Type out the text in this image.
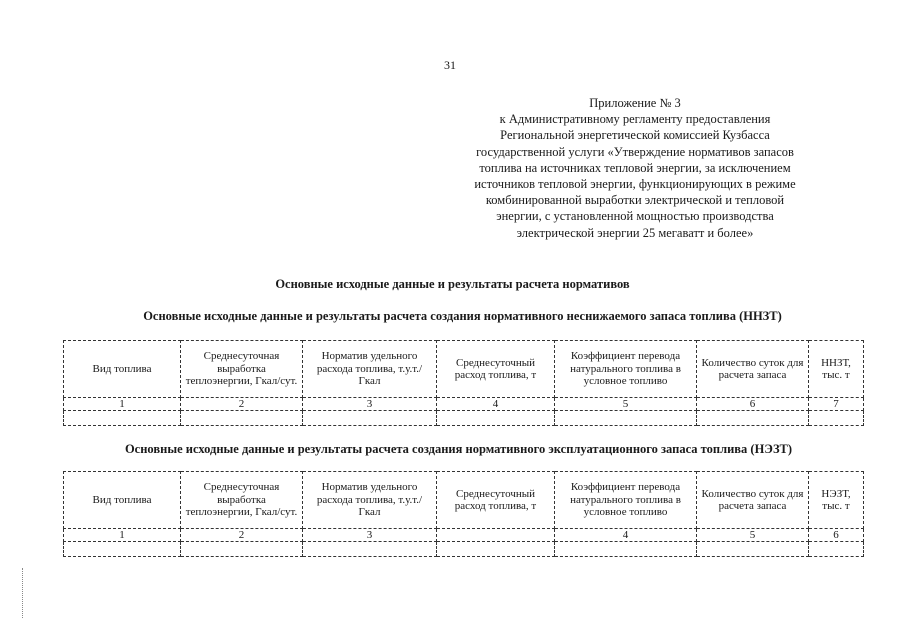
31
Приложение № 3
к Административному регламенту предоставления
Региональной энергетической комиссией Кузбасса
государственной услуги «Утверждение нормативов запасов
топлива на источниках тепловой энергии, за исключением
источников тепловой энергии, функционирующих в режиме
комбинированной выработки электрической и тепловой
энергии, с установленной мощностью производства
электрической энергии 25 мегаватт и более»
Основные исходные данные и результаты расчета нормативов
Основные исходные данные и результаты расчета создания нормативного неснижаемого запаса топлива (ННЗТ)
Вид топлива	Среднесуточная выработка теплоэнергии, Гкал/сут.	Норматив удельного расхода топлива, т.у.т./Гкал	Среднесуточный расход топлива, т	Коэффициент перевода натурального топлива в условное топливо	Количество суток для расчета запаса	ННЗТ, тыс. т
1	2	3	4	5	6	7

Основные исходные данные и результаты расчета создания нормативного эксплуатационного запаса топлива (НЭЗТ)
Вид топлива	Среднесуточная выработка теплоэнергии, Гкал/сут.	Норматив удельного расхода топлива, т.у.т./Гкал	Среднесуточный расход топлива, т	Коэффициент перевода натурального топлива в условное топливо	Количество суток для расчета запаса	НЭЗТ, тыс. т
1	2	3		4	5	6
